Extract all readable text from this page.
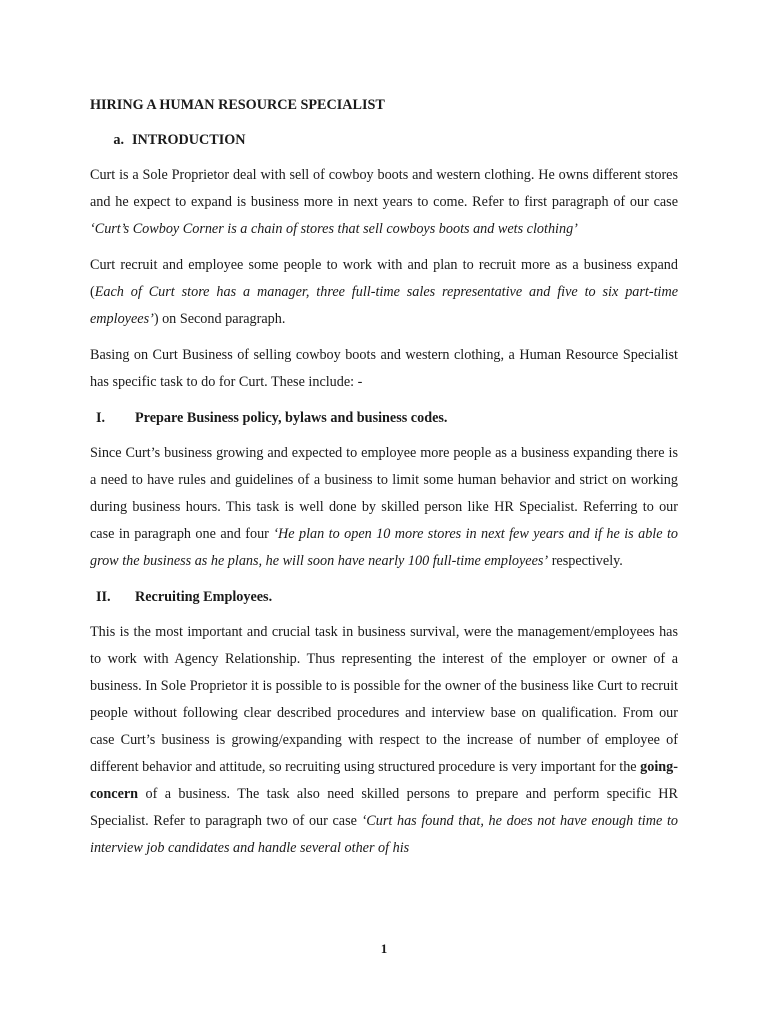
HIRING A HUMAN RESOURCE SPECIALIST

a. INTRODUCTION

Curt is a Sole Proprietor deal with sell of cowboy boots and western clothing. He owns different stores and he expect to expand is business more in next years to come. Refer to first paragraph of our case ‘Curt’s Cowboy Corner is a chain of stores that sell cowboys boots and wets clothing’

Curt recruit and employee some people to work with and plan to recruit more as a business expand (Each of Curt store has a manager, three full-time sales representative and five to six part-time employees’) on Second paragraph.

Basing on Curt Business of selling cowboy boots and western clothing, a Human Resource Specialist has specific task to do for Curt. These include: -

I.	Prepare Business policy, bylaws and business codes.

Since Curt’s business growing and expected to employee more people as a business expanding there is a need to have rules and guidelines of a business to limit some human behavior and strict on working during business hours. This task is well done by skilled person like HR Specialist. Referring to our case in paragraph one and four ‘He plan to open 10 more stores in next few years and if he is able to grow the business as he plans, he will soon have nearly 100 full-time employees’ respectively.

II.	Recruiting Employees.

This is the most important and crucial task in business survival, were the management/employees has to work with Agency Relationship. Thus representing the interest of the employer or owner of a business. In Sole Proprietor it is possible to is possible for the owner of the business like Curt to recruit people without following clear described procedures and interview base on qualification. From our case Curt’s business is growing/expanding with respect to the increase of number of employee of different behavior and attitude, so recruiting using structured procedure is very important for the going-concern of a business. The task also need skilled persons to prepare and perform specific HR Specialist. Refer to paragraph two of our case ‘Curt has found that, he does not have enough time to interview job candidates and handle several other of his

1
